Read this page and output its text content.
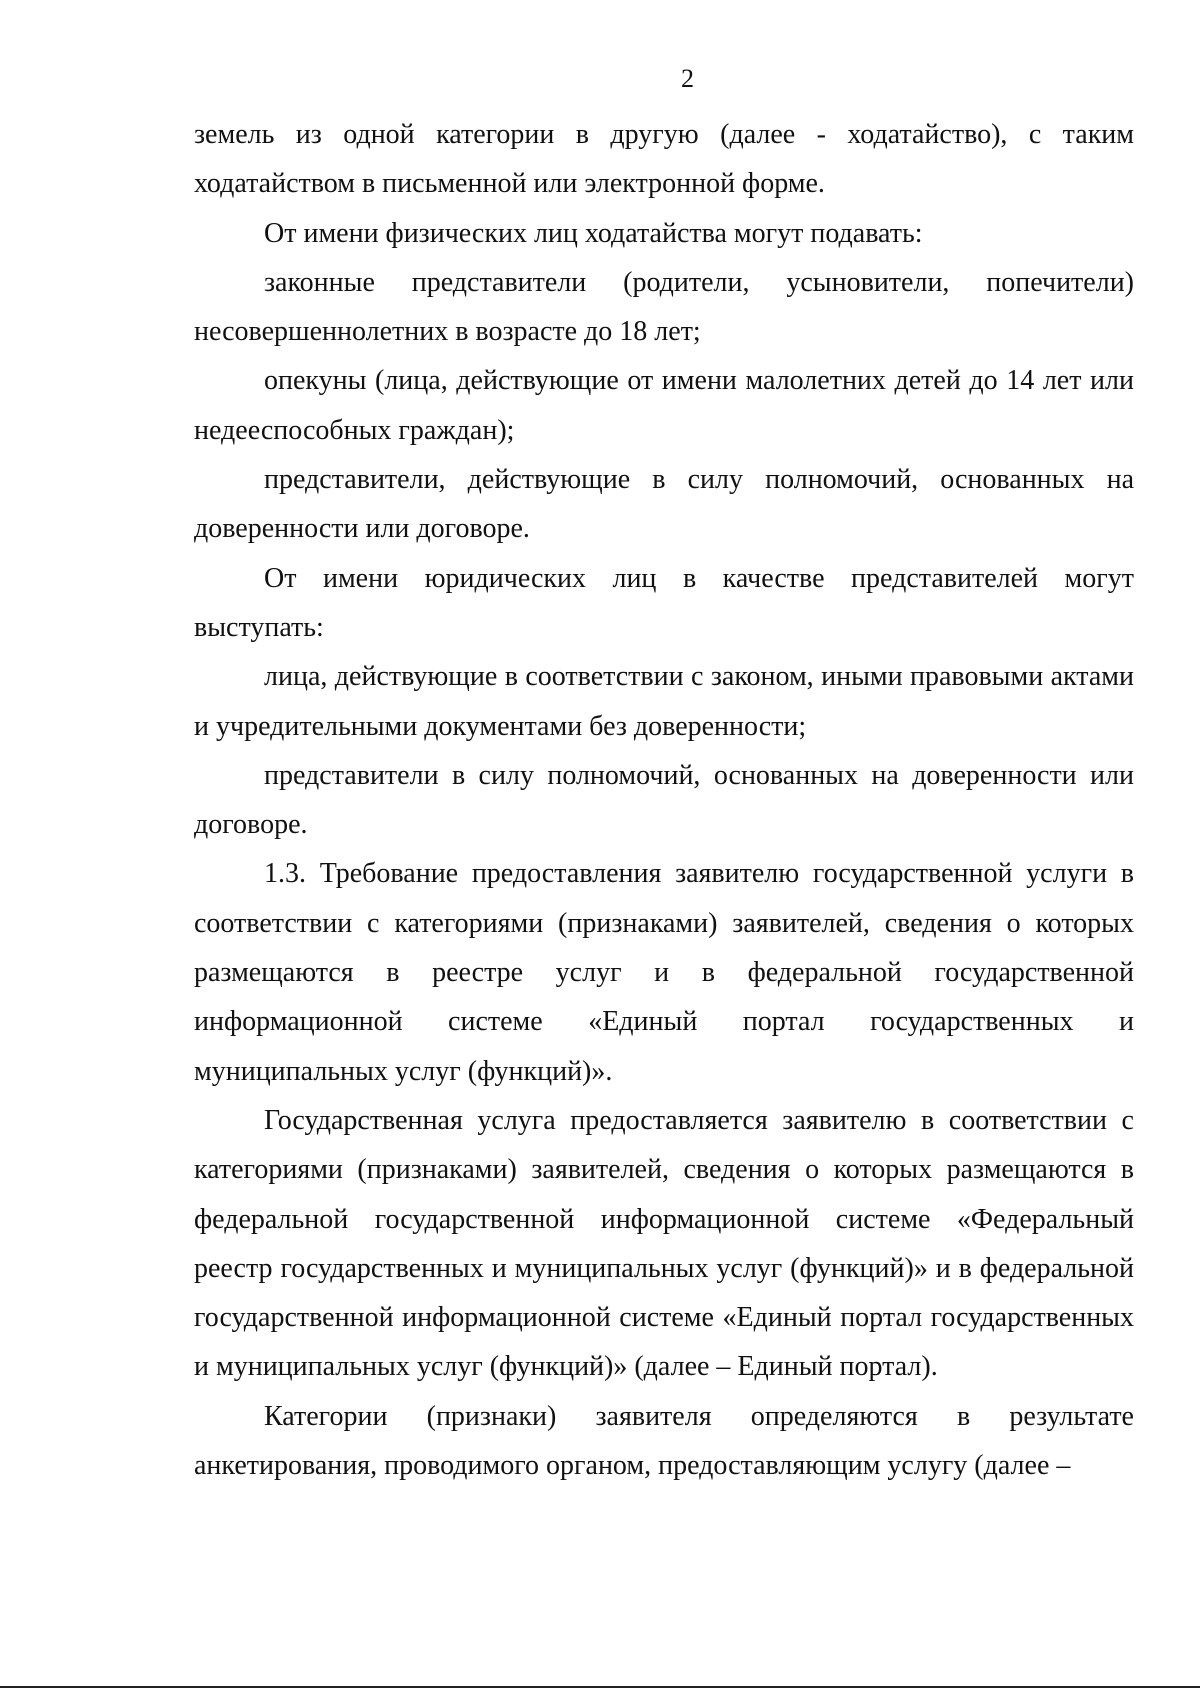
2

земель из одной категории в другую (далее - ходатайство), с таким ходатайством в письменной или электронной форме.

От имени физических лиц ходатайства могут подавать:

законные представители (родители, усыновители, попечители) несовершеннолетних в возрасте до 18 лет;

опекуны (лица, действующие от имени малолетних детей до 14 лет или недееспособных граждан);

представители, действующие в силу полномочий, основанных на доверенности или договоре.

От имени юридических лиц в качестве представителей могут выступать:

лица, действующие в соответствии с законом, иными правовыми актами и учредительными документами без доверенности;

представители в силу полномочий, основанных на доверенности или договоре.

1.3. Требование предоставления заявителю государственной услуги в соответствии с категориями (признаками) заявителей, сведения о которых размещаются в реестре услуг и в федеральной государственной информационной системе «Единый портал государственных и муниципальных услуг (функций)».

Государственная услуга предоставляется заявителю в соответствии с категориями (признаками) заявителей, сведения о которых размещаются в федеральной государственной информационной системе «Федеральный реестр государственных и муниципальных услуг (функций)» и в федеральной государственной информационной системе «Единый портал государственных и муниципальных услуг (функций)» (далее – Единый портал).

Категории (признаки) заявителя определяются в результате анкетирования, проводимого органом, предоставляющим услугу (далее –
